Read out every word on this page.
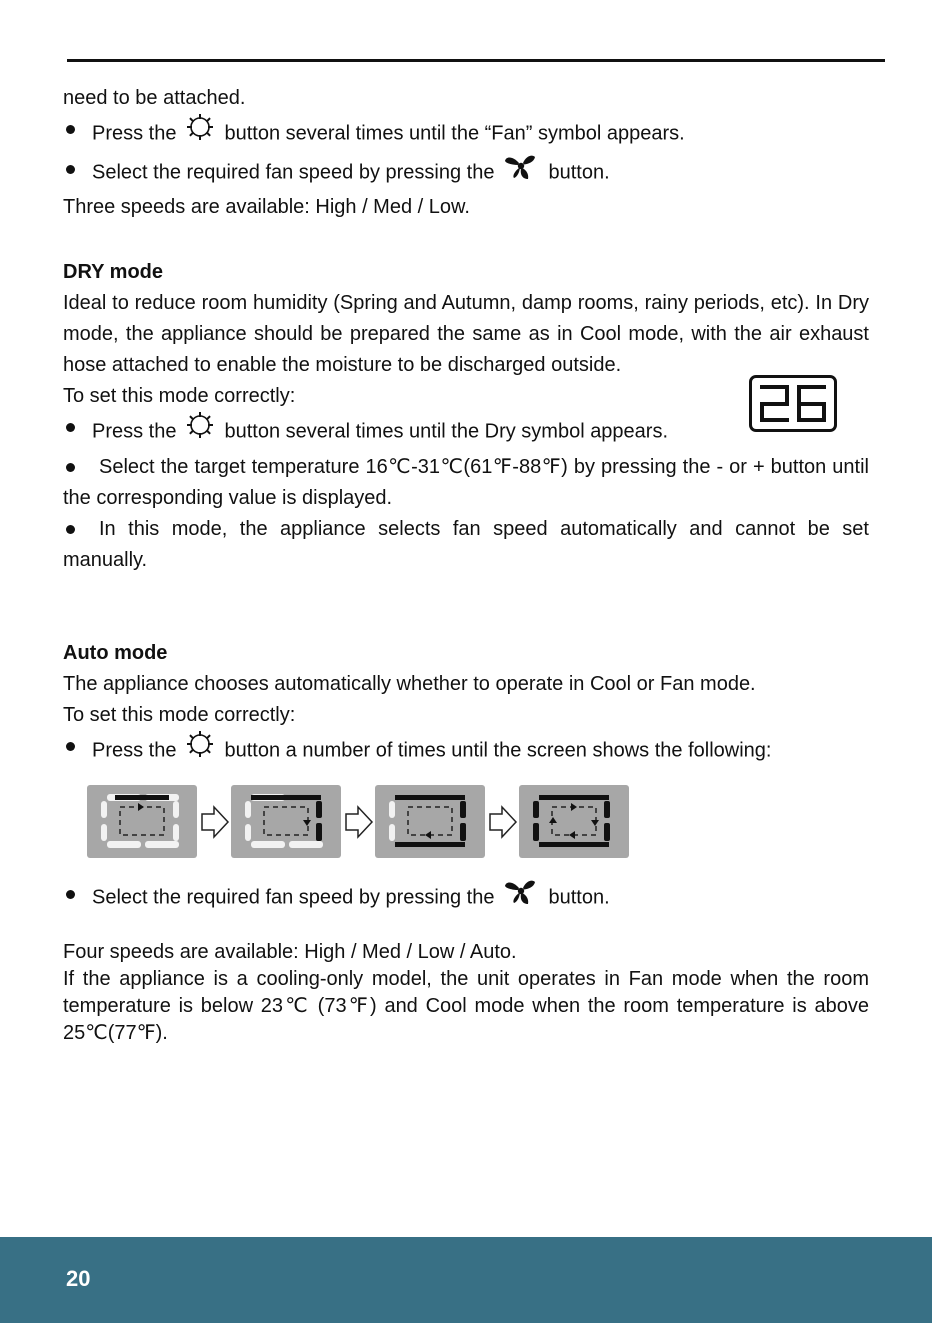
need to be attached.

Press the button several times until the “Fan” symbol appears.

Select the required fan speed by pressing the	button.

Three speeds are available: High / Med / Low.

DRY mode

Ideal to reduce room humidity (Spring and Autumn, damp rooms, rainy periods, etc). In Dry mode, the appliance should be prepared the same as in Cool mode, with the air exhaust hose attached to enable the moisture to be discharged outside.

To set this mode correctly:

Press the button several times until the Dry symbol appears.

Select the target temperature 16℃-31℃(61℉-88℉) by pressing the - or + button until the corresponding value is displayed.

In this mode, the appliance selects fan speed automatically and cannot be set manually.

Auto mode

The appliance chooses automatically whether to operate in Cool or Fan mode.

To set this mode correctly:

Press the button a number of times until the screen shows the following:

Select the required fan speed by pressing the	button.

Four speeds are available: High / Med / Low / Auto.

If the appliance is a cooling-only model, the unit operates in Fan mode when the room temperature is below 23℃ (73℉) and Cool mode when the room temperature is above 25℃(77℉).

20
